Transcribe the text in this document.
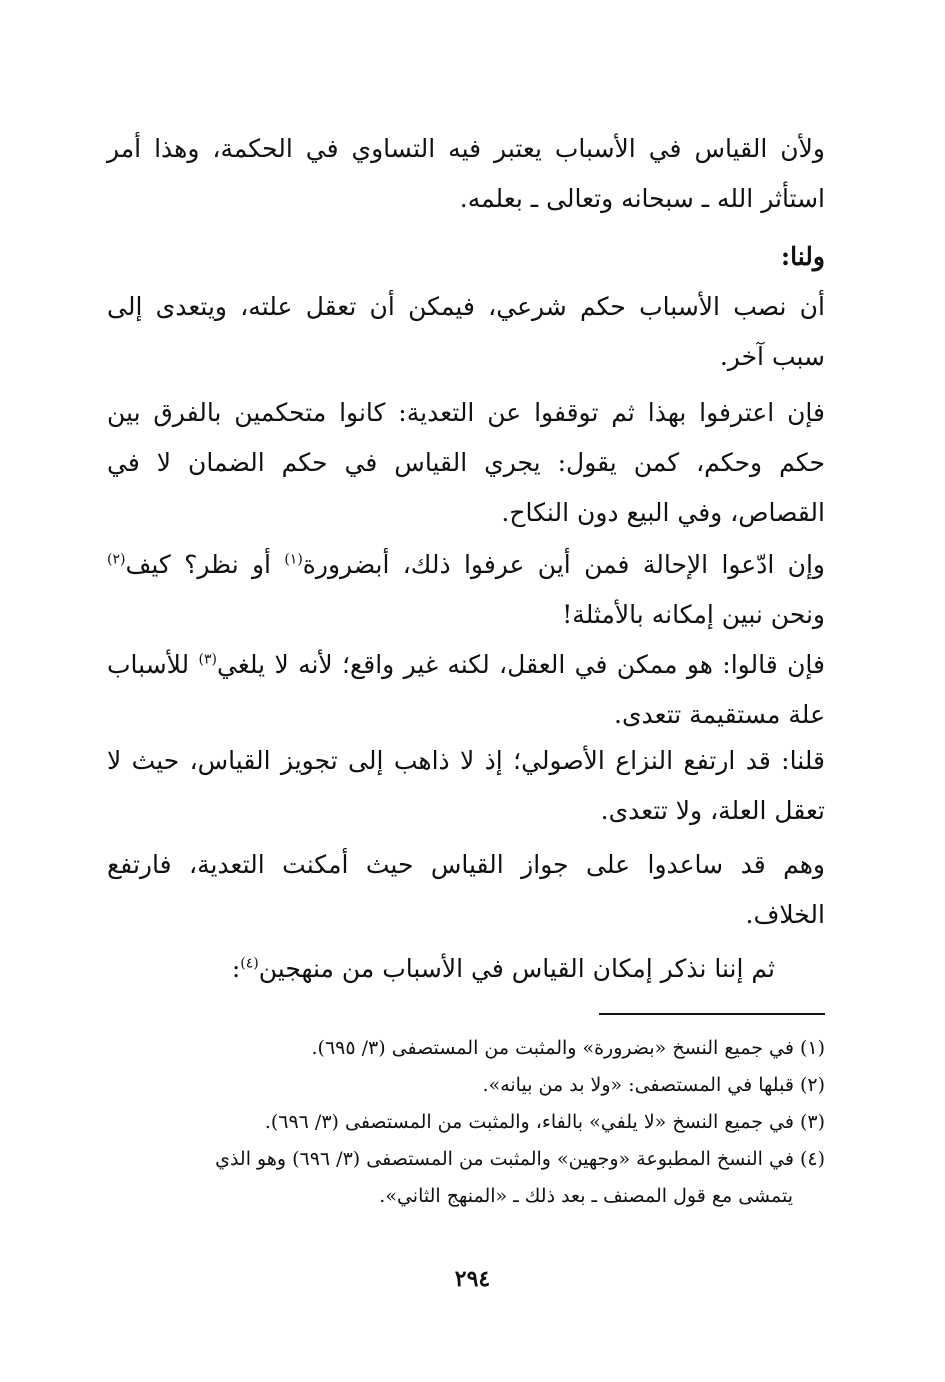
ولأن القياس في الأسباب يعتبر فيه التساوي في الحكمة، وهذا أمر استأثر الله ـ سبحانه وتعالى ـ بعلمه.

ولنا:

أن نصب الأسباب حكم شرعي، فيمكن أن تعقل علته، ويتعدى إلى سبب آخر.

فإن اعترفوا بهذا ثم توقفوا عن التعدية: كانوا متحكمين بالفرق بين حكم وحكم، كمن يقول: يجري القياس في حكم الضمان لا في القصاص، وفي البيع دون النكاح.

وإن ادّعوا الإحالة فمن أين عرفوا ذلك، أبضرورة$^{(١)}$ أو نظر؟ كيف$^{(٢)}$ ونحن نبين إمكانه بالأمثلة!

فإن قالوا: هو ممكن في العقل، لكنه غير واقع؛ لأنه لا يلغي$^{(٣)}$ للأسباب علة مستقيمة تتعدى.

قلنا: قد ارتفع النزاع الأصولي؛ إذ لا ذاهب إلى تجويز القياس، حيث لا تعقل العلة، ولا تتعدى.

وهم قد ساعدوا على جواز القياس حيث أمكنت التعدية، فارتفع الخلاف.

ثم إننا نذكر إمكان القياس في الأسباب من منهجين$^{(٤)}$:

(١) في جميع النسخ «بضرورة» والمثبت من المستصفى (٣/ ٦٩٥).

(٢) قبلها في المستصفى: «ولا بد من بيانه».

(٣) في جميع النسخ «لا يلفي» بالفاء، والمثبت من المستصفى (٣/ ٦٩٦).

(٤) في النسخ المطبوعة «وجهين» والمثبت من المستصفى (٣/ ٦٩٦) وهو الذي

يتمشى مع قول المصنف ـ بعد ذلك ـ «المنهج الثاني».

٢٩٤
